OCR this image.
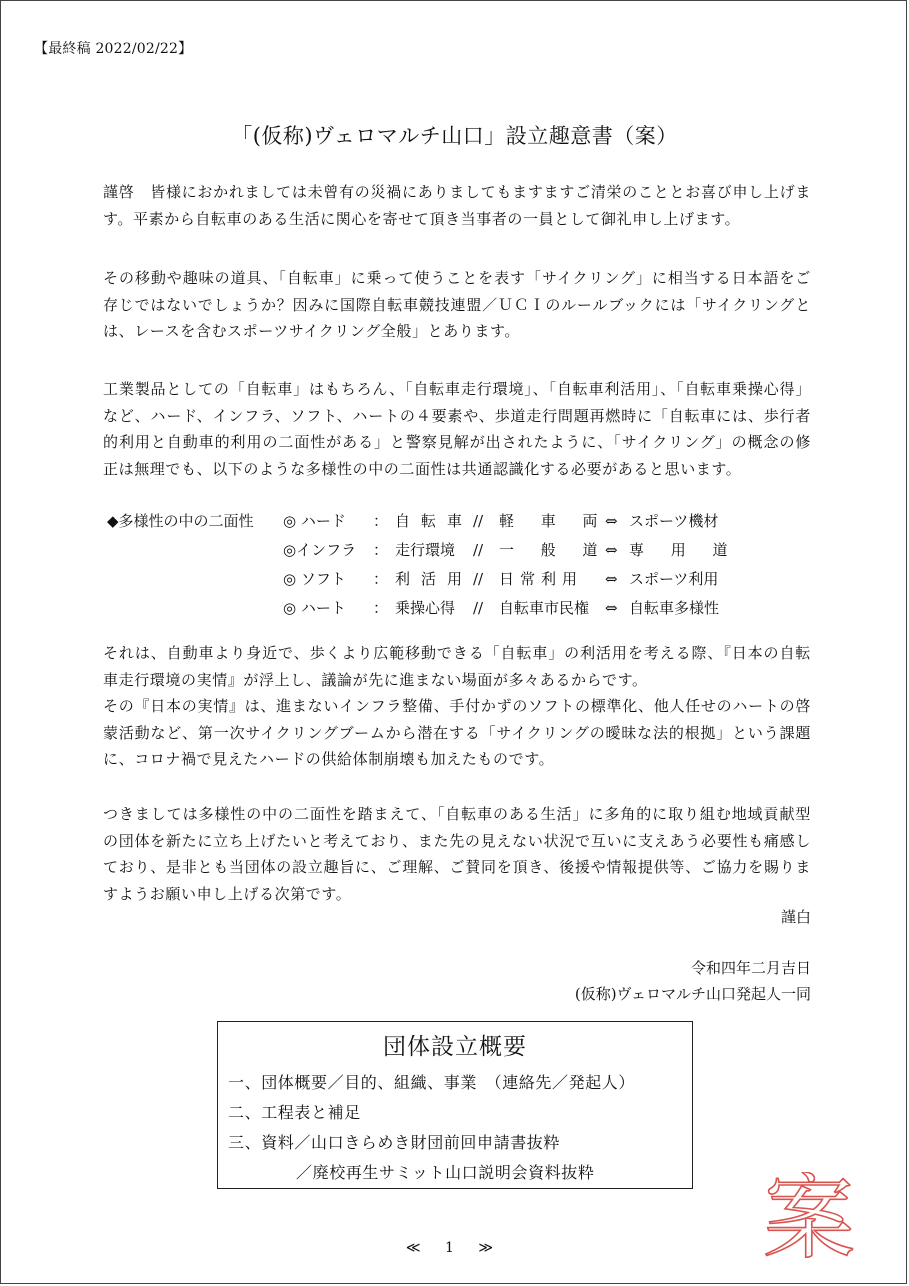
【最終稿 2022/02/22】
「(仮称)ヴェロマルチ山口」設立趣意書（案）
謹啓　皆様におかれましては未曾有の災禍にありましてもますますご清栄のこととお喜び申し上げます。平素から自転車のある生活に関心を寄せて頂き当事者の一員として御礼申し上げます。
その移動や趣味の道具、「自転車」に乗って使うことを表す「サイクリング」に相当する日本語をご存じではないでしょうか？因みに国際自転車競技連盟／ＵＣＩのルールブックには「サイクリングとは、レースを含むスポーツサイクリング全般」とあります。
工業製品としての「自転車」はもちろん、「自転車走行環境」、「自転車利活用」、「自転車乗操心得」など、ハード、インフラ、ソフト、ハートの４要素や、歩道走行問題再燃時に「自転車には、歩行者的利用と自動車的利用の二面性がある」と警察見解が出されたように、「サイクリング」の概念の修正は無理でも、以下のような多様性の中の二面性は共通認識化する必要があると思います。
◆多様性の中の二面性 ◎ ハード ： 自転車 // 軽 車 両 ⇔ スポーツ機材
◎インフラ ： 走行環境	// 一 般 道 ⇔ 専 用 道
◎ ソフト ： 利活用 // 日常利用	⇔ スポーツ利用
◎ ハート ： 乗操心得	// 自転車市民権	⇔ 自転車多様性
それは、自動車より身近で、歩くより広範移動できる「自転車」の利活用を考える際、『日本の自転車走行環境の実情』が浮上し、議論が先に進まない場面が多々あるからです。
その『日本の実情』は、進まないインフラ整備、手付かずのソフトの標準化、他人任せのハートの啓蒙活動など、第一次サイクリングブームから潜在する「サイクリングの曖昧な法的根拠」という課題に、コロナ禍で見えたハードの供給体制崩壊も加えたものです。
つきましては多様性の中の二面性を踏まえて、「自転車のある生活」に多角的に取り組む地域貢献型の団体を新たに立ち上げたいと考えており、また先の見えない状況で互いに支えあう必要性も痛感しており、是非とも当団体の設立趣旨に、ご理解、ご賛同を頂き、後援や情報提供等、ご協力を賜りますようお願い申し上げる次第です。
謹白
令和四年二月吉日
(仮称)ヴェロマルチ山口発起人一同
団体設立概要
一、団体概要／目的、組織、事業　（連絡先／発起人）
二、工程表と補足
三、資料／山口きらめき財団前回申請書抜粋
／廃校再生サミット山口説明会資料抜粋
≪ 1 ≫	案
